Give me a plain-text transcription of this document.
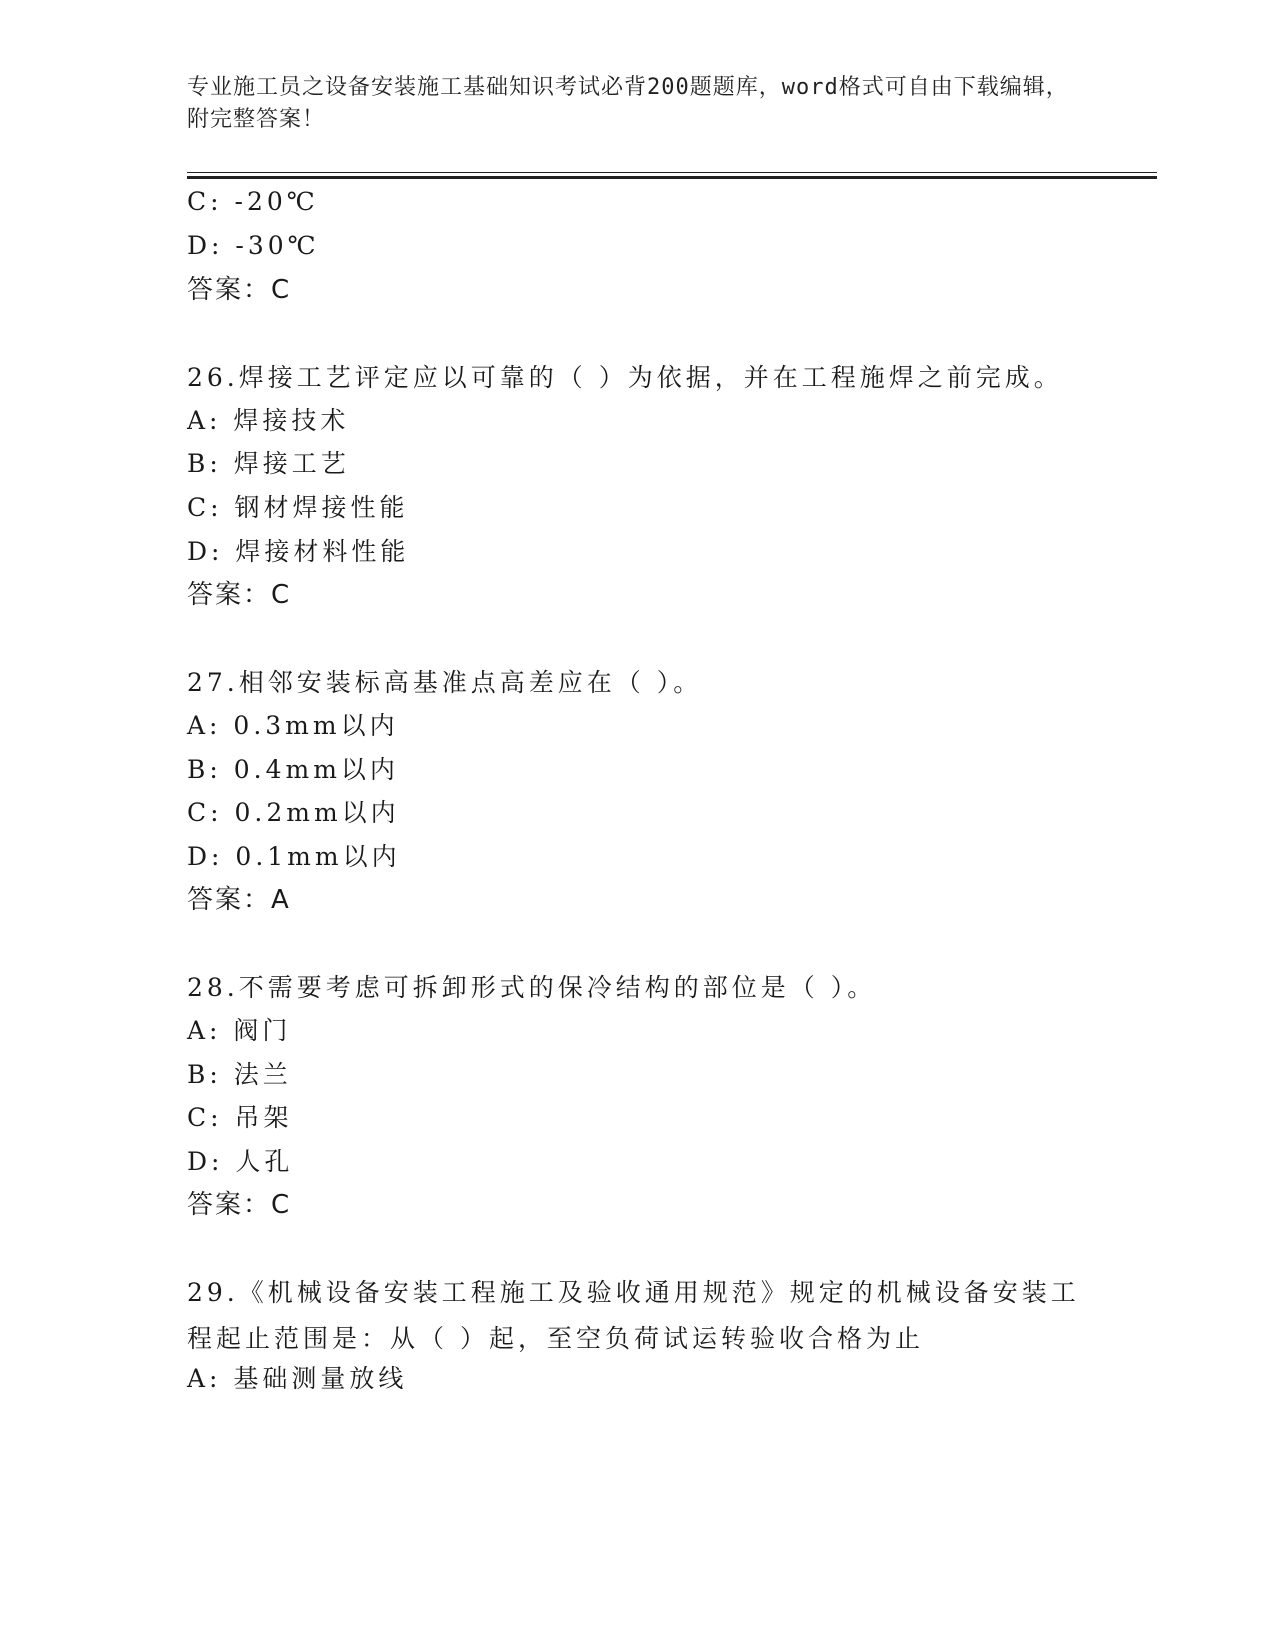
专业施工员之设备安装施工基础知识考试必背200题题库，word格式可自由下载编辑，附完整答案！
C: -20℃
D: -30℃
答案：C
26.焊接工艺评定应以可靠的（ ）为依据，并在工程施焊之前完成。
A: 焊接技术
B: 焊接工艺
C: 钢材焊接性能
D: 焊接材料性能
答案：C
27.相邻安装标高基准点高差应在（ ）。
A: 0.3mm以内
B: 0.4mm以内
C: 0.2mm以内
D: 0.1mm以内
答案：A
28.不需要考虑可拆卸形式的保冷结构的部位是（ ）。
A: 阀门
B: 法兰
C: 吊架
D: 人孔
答案：C
29.《机械设备安装工程施工及验收通用规范》规定的机械设备安装工程起止范围是：从（ ）起，至空负荷试运转验收合格为止
A: 基础测量放线
